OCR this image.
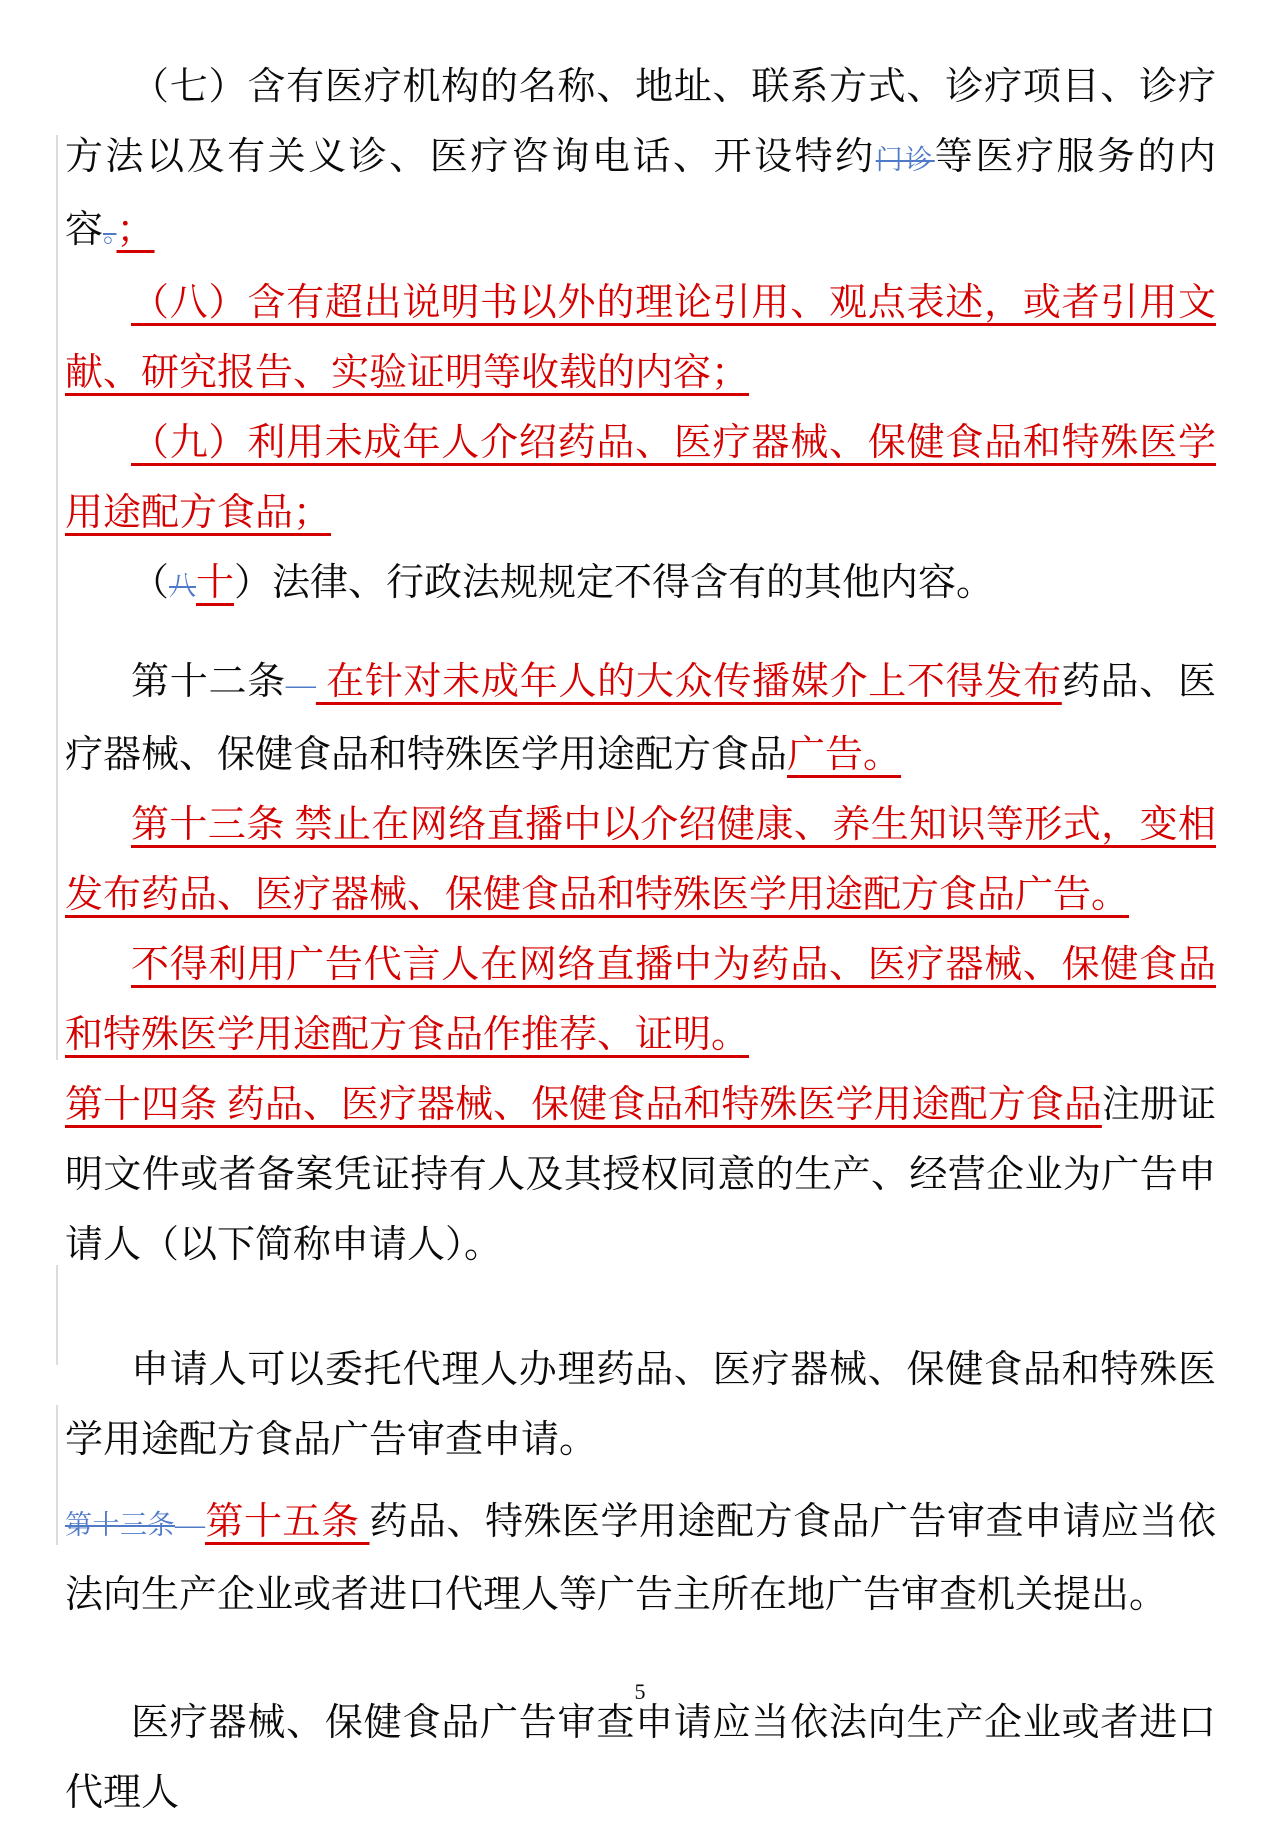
（七）含有医疗机构的名称、地址、联系方式、诊疗项目、诊疗方法以及有关义诊、医疗咨询电话、开设特约门诊等医疗服务的内容。；

（八）含有超出说明书以外的理论引用、观点表述，或者引用文献、研究报告、实验证明等收载的内容；

（九）利用未成年人介绍药品、医疗器械、保健食品和特殊医学用途配方食品；

（八十）法律、行政法规规定不得含有的其他内容。

第十二条— 在针对未成年人的大众传播媒介上不得发布药品、医疗器械、保健食品和特殊医学用途配方食品广告。

第十三条 禁止在网络直播中以介绍健康、养生知识等形式，变相发布药品、医疗器械、保健食品和特殊医学用途配方食品广告。

不得利用广告代言人在网络直播中为药品、医疗器械、保健食品和特殊医学用途配方食品作推荐、证明。

第十四条 药品、医疗器械、保健食品和特殊医学用途配方食品注册证明文件或者备案凭证持有人及其授权同意的生产、经营企业为广告申请人（以下简称申请人）。

申请人可以委托代理人办理药品、医疗器械、保健食品和特殊医学用途配方食品广告审查申请。

第十三条—第十五条 药品、特殊医学用途配方食品广告审查申请应当依法向生产企业或者进口代理人等广告主所在地广告审查机关提出。

医疗器械、保健食品广告审查申请应当依法向生产企业或者进口代理人

5
